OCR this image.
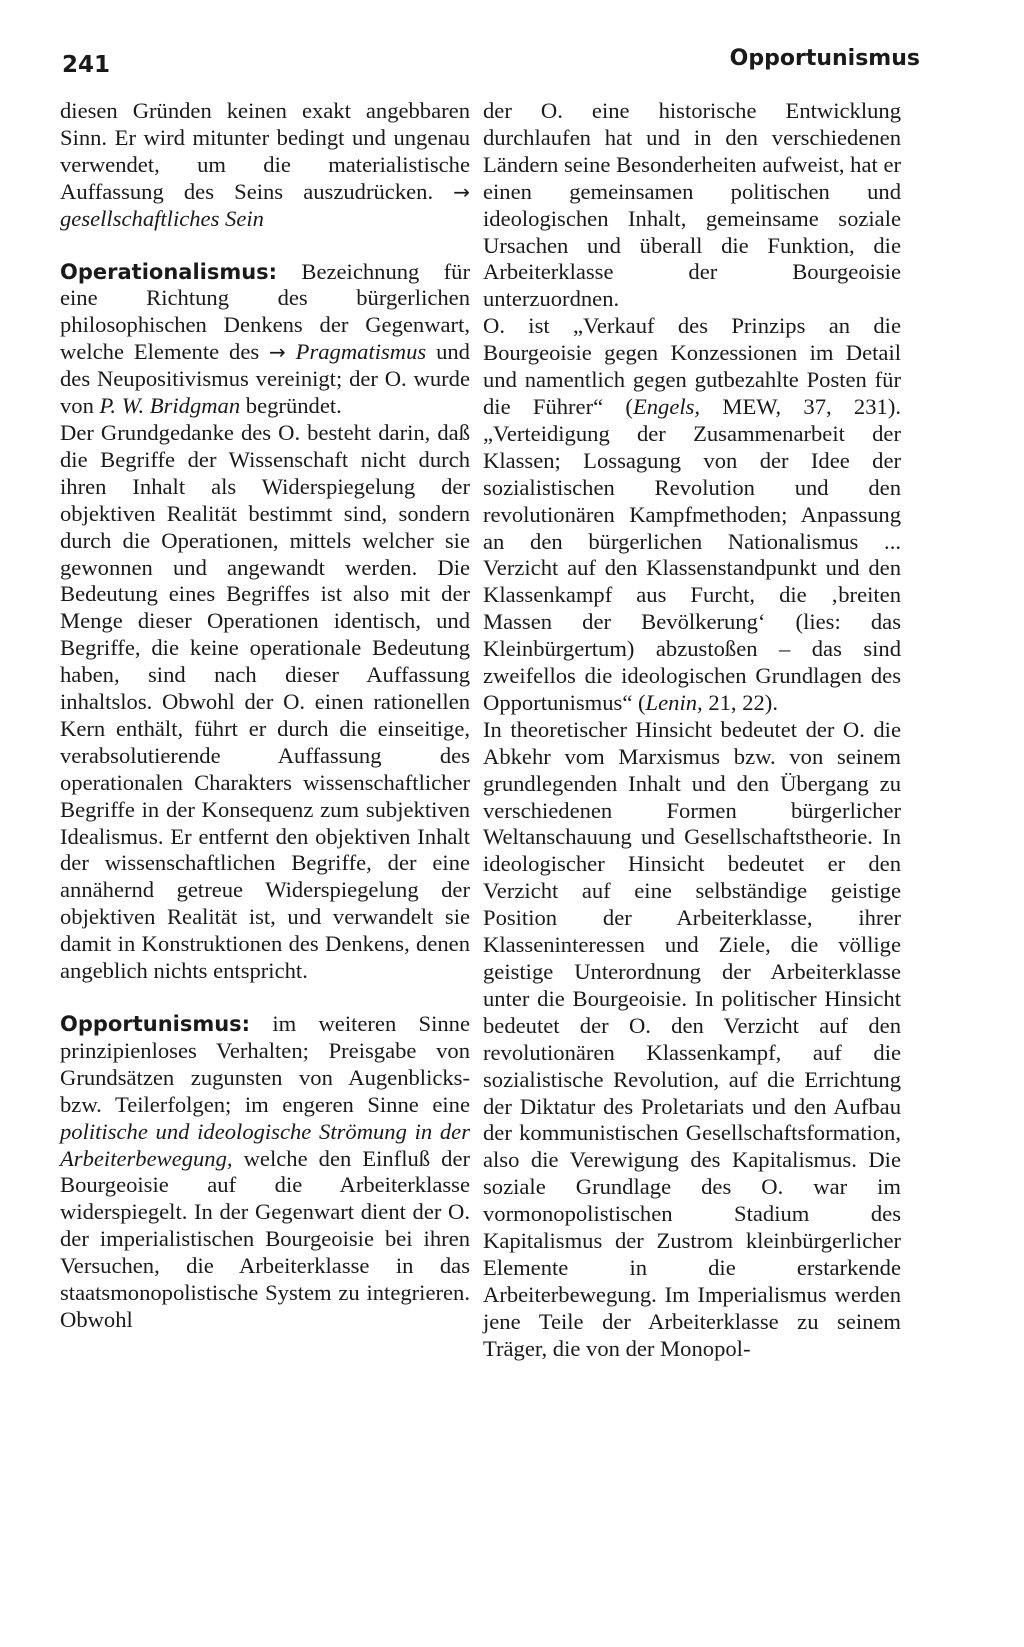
241	Opportunismus

diesen Gründen keinen exakt angebbaren Sinn. Er wird mitunter bedingt und ungenau verwendet, um die materialistische Auffassung des Seins auszudrücken. → gesellschaftliches Sein

Operationalismus: Bezeichnung für eine Richtung des bürgerlichen philosophischen Denkens der Gegenwart, welche Elemente des → Pragmatismus und des Neupositivismus vereinigt; der O. wurde von P. W. Bridgman begründet.

Der Grundgedanke des O. besteht darin, daß die Begriffe der Wissenschaft nicht durch ihren Inhalt als Widerspiegelung der objektiven Realität bestimmt sind, sondern durch die Operationen, mittels welcher sie gewonnen und angewandt werden. Die Bedeutung eines Begriffes ist also mit der Menge dieser Operationen identisch, und Begriffe, die keine operationale Bedeutung haben, sind nach dieser Auffassung inhaltslos. Obwohl der O. einen rationellen Kern enthält, führt er durch die einseitige, verabsolutierende Auffassung des operationalen Charakters wissenschaftlicher Begriffe in der Konsequenz zum subjektiven Idealismus. Er entfernt den objektiven Inhalt der wissenschaftlichen Begriffe, der eine annähernd getreue Widerspiegelung der objektiven Realität ist, und verwandelt sie damit in Konstruktionen des Denkens, denen angeblich nichts entspricht.

Opportunismus: im weiteren Sinne prinzipienloses Verhalten; Preisgabe von Grundsätzen zugunsten von Augenblicks- bzw. Teilerfolgen; im engeren Sinne eine politische und ideologische Strömung in der Arbeiterbewegung, welche den Einfluß der Bourgeoisie auf die Arbeiterklasse widerspiegelt. In der Gegenwart dient der O. der imperialistischen Bourgeoisie bei ihren Versuchen, die Arbeiterklasse in das staatsmonopolistische System zu integrieren. Obwohl

der O. eine historische Entwicklung durchlaufen hat und in den verschiedenen Ländern seine Besonderheiten aufweist, hat er einen gemeinsamen politischen und ideologischen Inhalt, gemeinsame soziale Ursachen und überall die Funktion, die Arbeiterklasse der Bourgeoisie unterzuordnen.

O. ist „Verkauf des Prinzips an die Bourgeoisie gegen Konzessionen im Detail und namentlich gegen gutbezahlte Posten für die Führer“ (Engels, MEW, 37, 231). „Verteidigung der Zusammenarbeit der Klassen; Lossagung von der Idee der sozialistischen Revolution und den revolutionären Kampfmethoden; Anpassung an den bürgerlichen Nationalismus ... Verzicht auf den Klassenstandpunkt und den Klassenkampf aus Furcht, die ‚breiten Massen der Bevölkerung‘ (lies: das Kleinbürgertum) abzustoßen – das sind zweifellos die ideologischen Grundlagen des Opportunismus“ (Lenin, 21, 22).

In theoretischer Hinsicht bedeutet der O. die Abkehr vom Marxismus bzw. von seinem grundlegenden Inhalt und den Übergang zu verschiedenen Formen bürgerlicher Weltanschauung und Gesellschaftstheorie. In ideologischer Hinsicht bedeutet er den Verzicht auf eine selbständige geistige Position der Arbeiterklasse, ihrer Klasseninteressen und Ziele, die völlige geistige Unterordnung der Arbeiterklasse unter die Bourgeoisie. In politischer Hinsicht bedeutet der O. den Verzicht auf den revolutionären Klassenkampf, auf die sozialistische Revolution, auf die Errichtung der Diktatur des Proletariats und den Aufbau der kommunistischen Gesellschaftsformation, also die Verewigung des Kapitalismus. Die soziale Grundlage des O. war im vormonopolistischen Stadium des Kapitalismus der Zustrom kleinbürgerlicher Elemente in die erstarkende Arbeiterbewegung. Im Imperialismus werden jene Teile der Arbeiterklasse zu seinem Träger, die von der Monopol-
